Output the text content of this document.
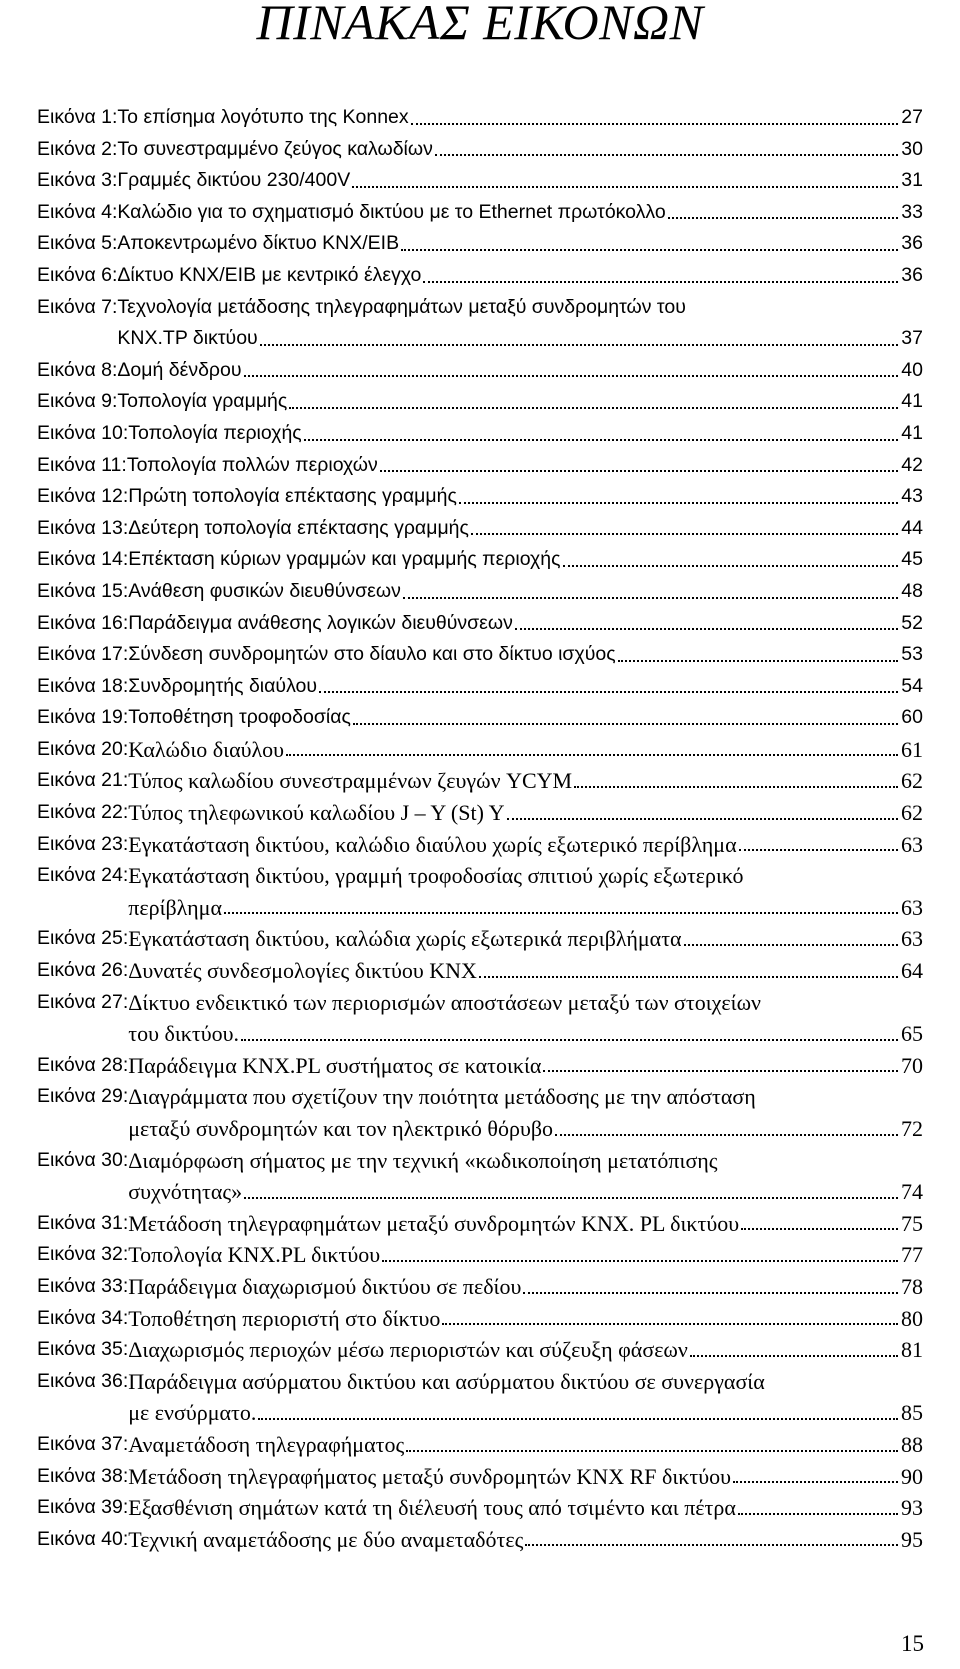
ΠΙΝΑΚΑΣ ΕΙΚΟΝΩΝ
Εικόνα 1: Το επίσημα λογότυπο της Konnex	27
Εικόνα 2: Το συνεστραμμένο ζεύγος καλωδίων	30
Εικόνα 3: Γραμμές δικτύου 230/400V	31
Εικόνα 4: Καλώδιο για το σχηματισμό δικτύου με το Ethernet πρωτόκολλο	33
Εικόνα 5: Αποκεντρωμένο δίκτυο KNX/EIB	36
Εικόνα 6: Δίκτυο KNX/EIB με κεντρικό έλεγχο	36
Εικόνα 7: Τεχνολογία μετάδοσης τηλεγραφημάτων μεταξύ συνδρομητών του
KNX.TP δικτύου	37
Εικόνα 8: Δομή δένδρου	40
Εικόνα 9: Τοπολογία γραμμής	41
Εικόνα 10: Τοπολογία περιοχής	41
Εικόνα 11: Τοπολογία πολλών περιοχών	42
Εικόνα 12: Πρώτη τοπολογία επέκτασης γραμμής	43
Εικόνα 13: Δεύτερη τοπολογία επέκτασης γραμμής	44
Εικόνα 14: Επέκταση κύριων γραμμών και γραμμής περιοχής	45
Εικόνα 15: Ανάθεση φυσικών διευθύνσεων	48
Εικόνα 16: Παράδειγμα ανάθεσης λογικών διευθύνσεων	52
Εικόνα 17: Σύνδεση συνδρομητών στο δίαυλο και στο δίκτυο ισχύος	53
Εικόνα 18: Συνδρομητής διαύλου	54
Εικόνα 19: Τοποθέτηση τροφοδοσίας	60
Εικόνα 20: Καλώδιο διαύλου	61
Εικόνα 21: Τύπος καλωδίου συνεστραμμένων ζευγών YCYM	62
Εικόνα 22: Τύπος τηλεφωνικού καλωδίου J – Y (St) Y	62
Εικόνα 23: Εγκατάσταση δικτύου, καλώδιο διαύλου χωρίς εξωτερικό περίβλημα	63
Εικόνα 24: Εγκατάσταση δικτύου, γραμμή τροφοδοσίας σπιτιού χωρίς εξωτερικό
περίβλημα	63
Εικόνα 25: Εγκατάσταση δικτύου, καλώδια χωρίς εξωτερικά περιβλήματα	63
Εικόνα 26: Δυνατές συνδεσμολογίες δικτύου KNX	64
Εικόνα 27: Δίκτυο ενδεικτικό των περιορισμών αποστάσεων μεταξύ των στοιχείων
του δικτύου.	65
Εικόνα 28: Παράδειγμα KNX.PL συστήματος σε κατοικία	70
Εικόνα 29: Διαγράμματα που σχετίζουν την ποιότητα μετάδοσης με την απόσταση
μεταξύ συνδρομητών και τον ηλεκτρικό θόρυβο	72
Εικόνα 30: Διαμόρφωση σήματος με την τεχνική «κωδικοποίηση μετατόπισης
συχνότητας»	74
Εικόνα 31: Μετάδοση τηλεγραφημάτων μεταξύ συνδρομητών KNX. PL δικτύου	75
Εικόνα 32: Τοπολογία KNX.PL δικτύου	77
Εικόνα 33: Παράδειγμα διαχωρισμού δικτύου σε πεδίου	78
Εικόνα 34: Τοποθέτηση περιοριστή στο δίκτυο	80
Εικόνα 35: Διαχωρισμός περιοχών μέσω περιοριστών και σύζευξη φάσεων	81
Εικόνα 36: Παράδειγμα ασύρματου δικτύου και ασύρματου δικτύου σε συνεργασία
με ενσύρματο.	85
Εικόνα 37: Αναμετάδοση τηλεγραφήματος	88
Εικόνα 38: Μετάδοση τηλεγραφήματος μεταξύ συνδρομητών KNX RF δικτύου	90
Εικόνα 39: Εξασθένιση σημάτων κατά τη διέλευσή τους από τσιμέντο και πέτρα	93
Εικόνα 40: Τεχνική αναμετάδοσης με δύο αναμεταδότες	95
15
